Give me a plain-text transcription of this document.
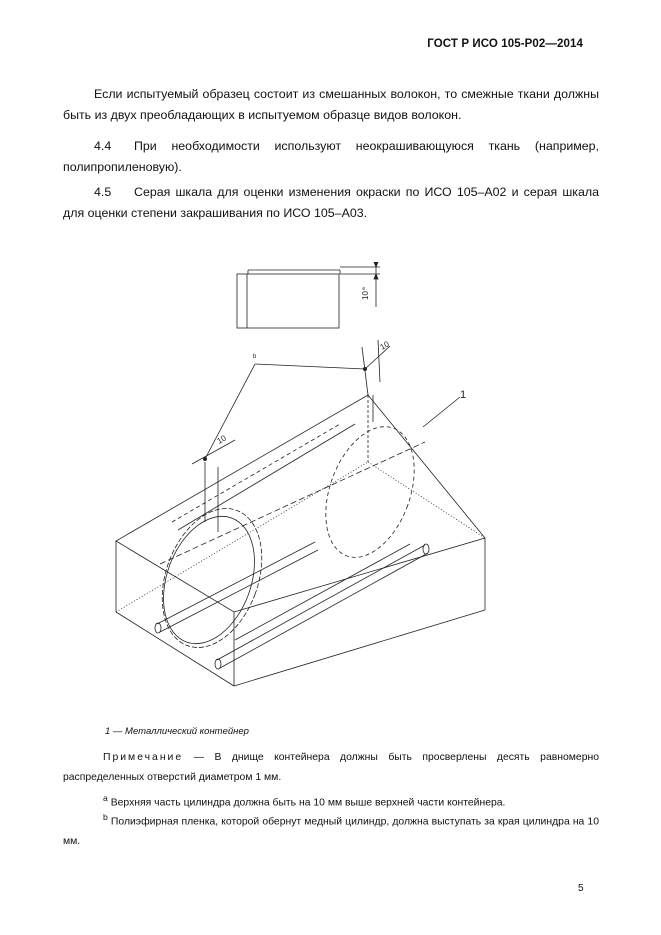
ГОСТ Р ИСО 105-Р02—2014

Если испытуемый образец состоит из смешанных волокон, то смежные ткани должны быть из двух преобладающих в испытуемом образце видов волокон.

4.4 При необходимости используют неокрашивающуюся ткань (например, полипропиленовую).

4.5 Серая шкала для оценки изменения окраски по ИСО 105–А02 и серая шкала для оценки степени закрашивания по ИСО 105–А03.

10
a
10
10
b
1
1 — Металлический контейнер

Примечание — В днище контейнера должны быть просверлены десять равномерно распределенных отверстий диаметром 1 мм.

$^a$ Верхняя часть цилиндра должна быть на 10 мм выше верхней части контейнера.

$^b$ Полиэфирная пленка, которой обернут медный цилиндр, должна выступать за края цилиндра на 10 мм.

5
